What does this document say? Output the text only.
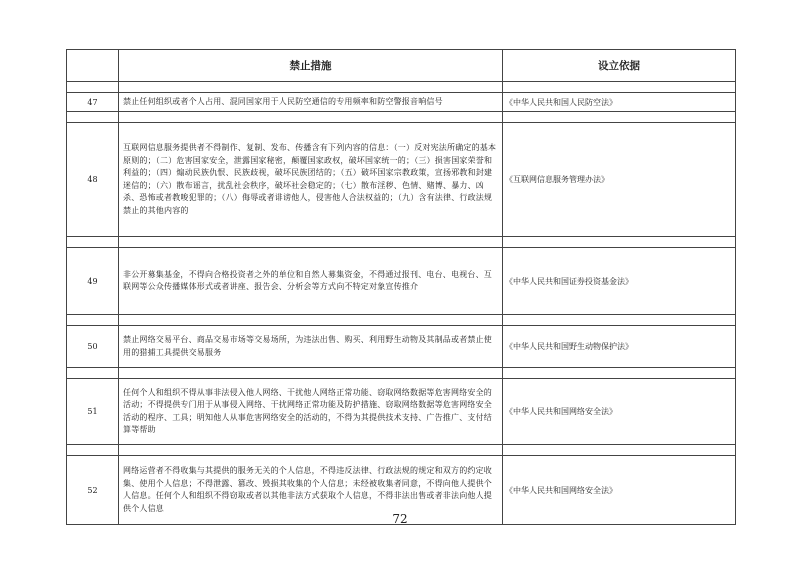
	禁止措施	设立依据

47	禁止任何组织或者个人占用、混同国家用于人民防空通信的专用频率和防空警报音响信号	《中华人民共和国人民防空法》

48	互联网信息服务提供者不得制作、复制、发布、传播含有下列内容的信息：（一）反对宪法所确定的基本原则的；（二）危害国家安全，泄露国家秘密，颠覆国家政权，破坏国家统一的；（三）损害国家荣誉和利益的；（四）煽动民族仇恨、民族歧视，破坏民族团结的；（五）破坏国家宗教政策，宣扬邪教和封建迷信的；（六）散布谣言，扰乱社会秩序，破坏社会稳定的；（七）散布淫秽、色情、赌博、暴力、凶杀、恐怖或者教唆犯罪的；（八）侮辱或者诽谤他人，侵害他人合法权益的；（九）含有法律、行政法规禁止的其他内容的	《互联网信息服务管理办法》

49	非公开募集基金，不得向合格投资者之外的单位和自然人募集资金，不得通过报刊、电台、电视台、互联网等公众传播媒体形式或者讲座、报告会、分析会等方式向不特定对象宣传推介	《中华人民共和国证券投资基金法》

50	禁止网络交易平台、商品交易市场等交易场所，为违法出售、购买、利用野生动物及其制品或者禁止使用的猎捕工具提供交易服务	《中华人民共和国野生动物保护法》

51	任何个人和组织不得从事非法侵入他人网络、干扰他人网络正常功能、窃取网络数据等危害网络安全的活动；不得提供专门用于从事侵入网络、干扰网络正常功能及防护措施、窃取网络数据等危害网络安全活动的程序、工具；明知他人从事危害网络安全的活动的，不得为其提供技术支持、广告推广、支付结算等帮助	《中华人民共和国网络安全法》

52	网络运营者不得收集与其提供的服务无关的个人信息，不得违反法律、行政法规的规定和双方的约定收集、使用个人信息；不得泄露、篡改、毁损其收集的个人信息；未经被收集者同意，不得向他人提供个人信息。任何个人和组织不得窃取或者以其他非法方式获取个人信息，不得非法出售或者非法向他人提供个人信息	《中华人民共和国网络安全法》
72
